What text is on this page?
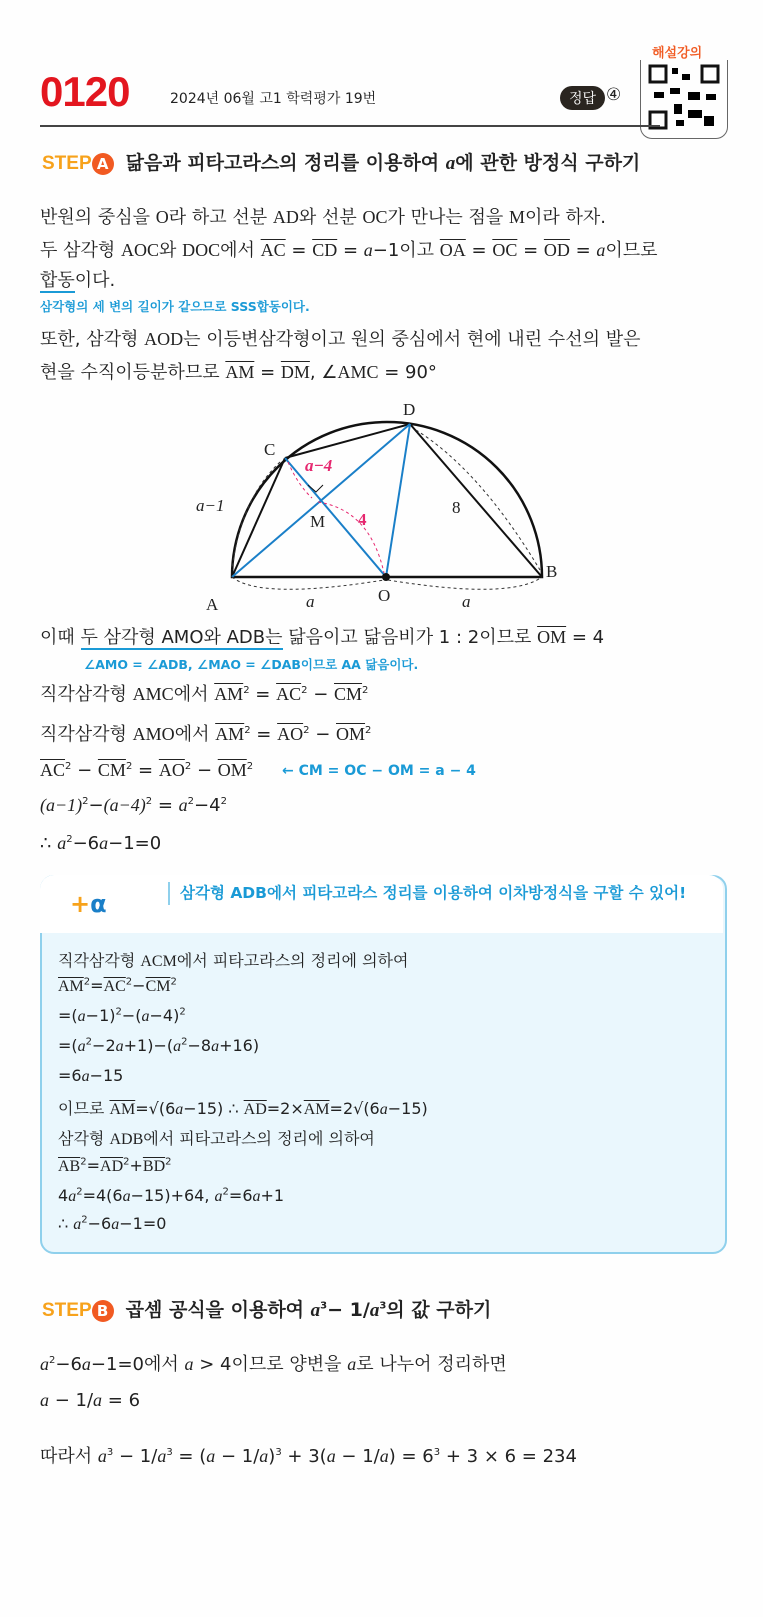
해설강의
0120	2024년 06월 고1 학력평가 19번	정답 ④
STEP A 닮음과 피타고라스의 정리를 이용하여 a에 관한 방정식 구하기
반원의 중심을 O라 하고 선분 AD와 선분 OC가 만나는 점을 M이라 하자.
두 삼각형 AOC와 DOC에서 $\overline{AC} = \overline{CD} = a-1$이고 $\overline{OA} = \overline{OC} = \overline{OD} = a$이므로
합동이다.
또한, 삼각형 AOD는 이등변삼각형이고 원의 중심에서 현에 내린 수선의 발은
현을 수직이등분하므로 $\overline{AM} = \overline{DM}$, ∠AMC = 90°
삼각형의 세 변의 길이가 같으므로 SSS합동이다.
A
B
C
D
M
O
a−1	8
a−4
4
a	a
이때 두 삼각형 AMO와 ADB는 닮음이고 닮음비가 1 : 2이므로 $\overline{OM} = 4$
직각삼각형 AMC에서 $\overline{AM}^2 = \overline{AC}^2 - \overline{CM}^2$
직각삼각형 AMO에서 $\overline{AM}^2 = \overline{AO}^2 - \overline{OM}^2$
$\overline{AC}^2 - \overline{CM}^2 = \overline{AO}^2 - \overline{OM}^2$
$(a-1)^2-(a-4)^2 = a^2-4^2$
∴ $a^2-6a-1=0$
∠AMO = ∠ADB, ∠MAO = ∠DAB이므로 AA 닮음이다.
← CM = OC − OM = a − 4
+α	삼각형 ADB에서 피타고라스 정리를 이용하여 이차방정식을 구할 수 있어!
직각삼각형 ACM에서 피타고라스의 정리에 의하여
$\overline{AM}^2=\overline{AC}^2-\overline{CM}^2$
$=(a-1)^2-(a-4)^2$
$=(a^2-2a+1)-(a^2-8a+16)$
=6a−15
이므로 $\overline{AM}=√(6a-15)$ ∴ $\overline{AD}=2\times\overline{AM}=2√(6a-15)$
삼각형 ADB에서 피타고라스의 정리에 의하여
$\overline{AB}^2=\overline{AD}^2+\overline{BD}^2$
$4a^2=4(6a-15)+64$, $a^2=6a+1$
∴ $a^2-6a-1=0$
STEP B 곱셈 공식을 이용하여 $a^3- 1/a^3$의 값 구하기
$a^2-6a-1=0$에서 a > 4이므로 양변을 a로 나누어 정리하면
a − 1/a = 6
따라서 $a^3 - 1/a^3 = (a - 1/a)^3 + 3(a - 1/a) = 6^3 + 3 \times 6 = 234$
